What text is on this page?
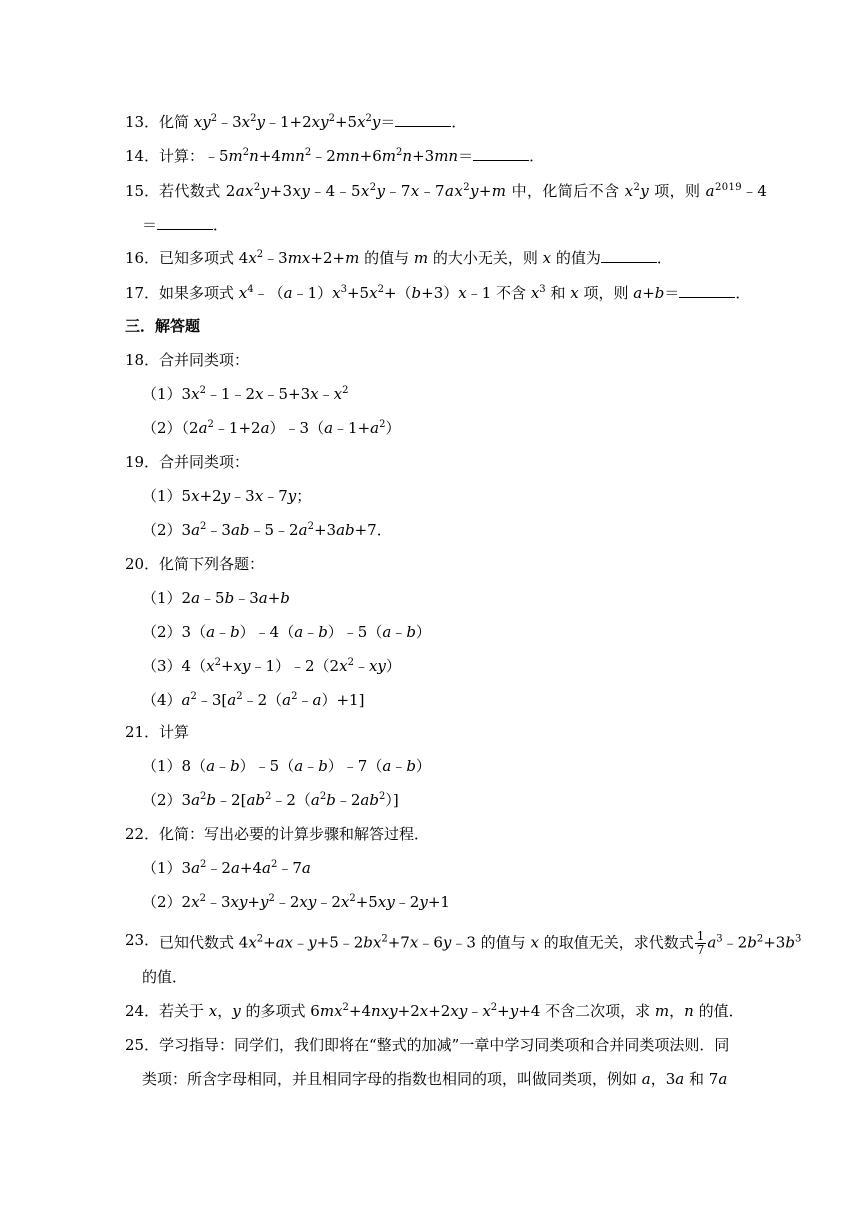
13． 化简 $xy^2﹣3x^2y﹣1+2xy^2+5x^2y=$	．
14． 计算：$﹣5m^2n+4mn^2﹣2mn+6m^2n+3mn=$	．
15． 若代数式 $2ax^2y+3xy﹣4﹣5x^2y﹣7x﹣7ax^2y+m$ 中，化简后不含 $x^2y$ 项，则 $a^{2019}﹣4$
＝	．
16． 已知多项式 $4x^2﹣3mx+2+m$ 的值与 m 的大小无关，则 x 的值为	．
17． 如果多项式 $x^4﹣(a﹣1)x^3+5x^2+(b+3)x﹣1$ 不含 $x^3$ 和 x 项，则 a+b＝	．
三．解答题
18． 合并同类项：
$(1)3x^2﹣1﹣2x﹣5+3x﹣x^2$
$(2)(2a^2﹣1+2a)﹣3(a﹣1+a^2)$
19． 合并同类项：
（1）5x+2y﹣3x﹣7y；
$(2)3a^2﹣3ab﹣5﹣2a^2+3ab+7$．
20． 化简下列各题：
（1）2a﹣5b﹣3a+b
（2）3（a﹣b）﹣4（a﹣b）﹣5（a﹣b）
$(3)4(x^2+xy﹣1)﹣2(2x^2﹣xy)$
$(4)a^2﹣3[a^2﹣2(a^2﹣a)+1]$
21． 计算
（1）8（a﹣b）﹣5（a﹣b）﹣7（a﹣b）
$(2)3a^2b﹣2[ab^2﹣2(a^2b﹣2ab^2)]$
22． 化简：写出必要的计算步骤和解答过程．
$(1)3a^2﹣2a+4a^2﹣7a$
$(2)2x^2﹣3xy+y^2﹣2xy﹣2x^2+5xy﹣2y+1$
23． 已知代数式 $4x^2+ax﹣y+5﹣2bx^2+7x﹣6y﹣3$ 的值与 x 的取值无关，求代数式 $\frac{1}{7}$ $a^3﹣2b^2+3b^3$
的值．
24． 若关于 x，y 的多项式 $6mx^2+4nxy+2x+2xy﹣x^2+y+4$ 不含二次项，求 m，n 的值．
25． 学习指导：同学们，我们即将在“整式的加减”一章中学习同类项和合并同类项法则．同
类项：所含字母相同，并且相同字母的指数也相同的项，叫做同类项，例如 a，3a 和 7a
